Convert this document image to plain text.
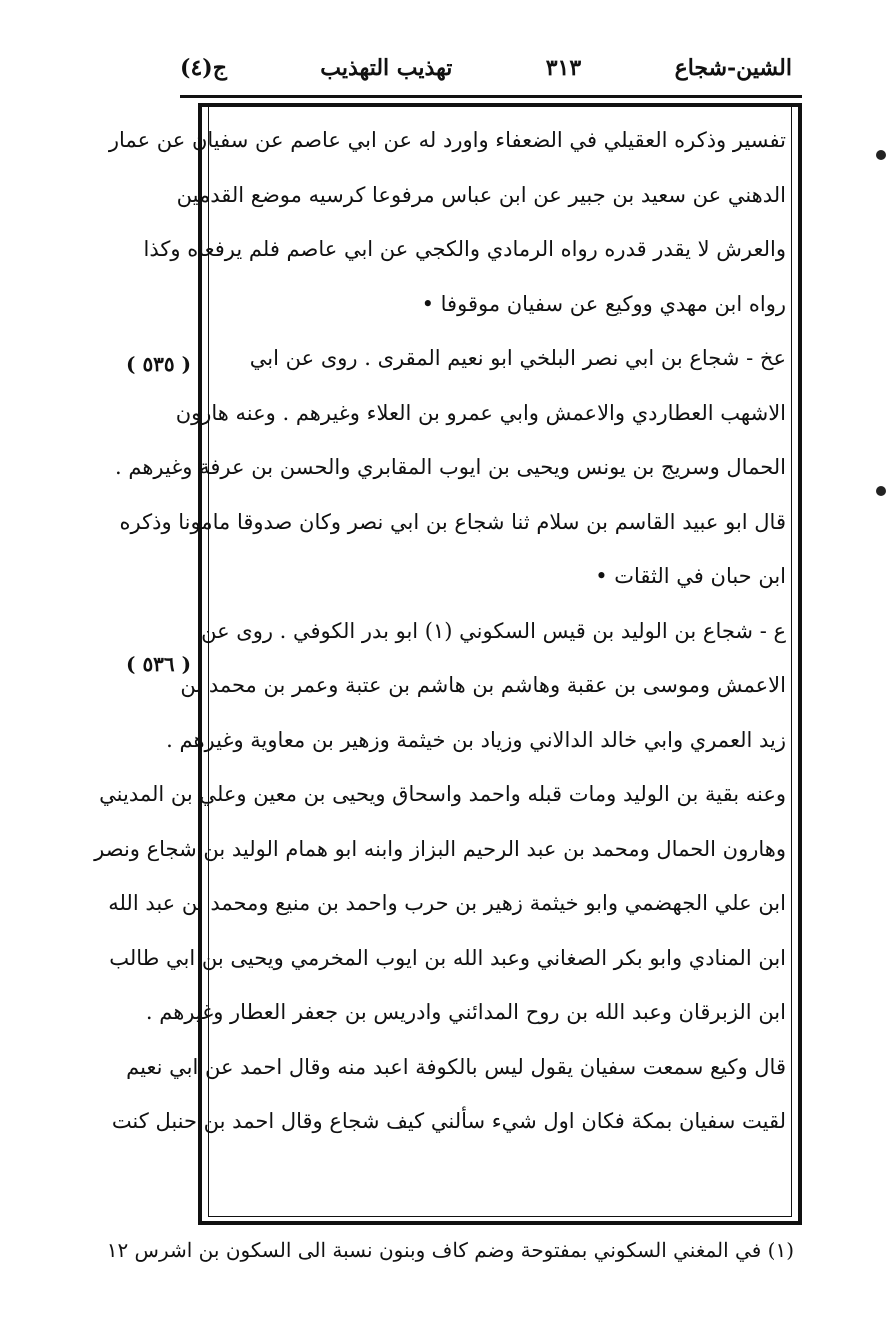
ج(٤)	تهذيب التهذيب	٣١٣	الشين-شجاع
تفسير وذكره العقيلي في الضعفاء واورد له عن ابي عاصم عن سفيان عن عمار
الدهني عن سعيد بن جبير عن ابن عباس مرفوعا كرسيه موضع القدمين
والعرش لا يقدر قدره رواه الرمادي والكجي عن ابي عاصم فلم يرفعاه وكذا
رواه ابن مهدي ووكيع عن سفيان موقوفا •
عخ - شجاع بن ابي نصر البلخي ابو نعيم المقرى . روى عن ابي
الاشهب العطاردي والاعمش وابي عمرو بن العلاء وغيرهم . وعنه هارون
الحمال وسريج بن يونس ويحيى بن ايوب المقابري والحسن بن عرفة وغيرهم .
قال ابو عبيد القاسم بن سلام ثنا شجاع بن ابي نصر وكان صدوقا مامونا وذكره
ابن حبان في الثقات •
ع - شجاع بن الوليد بن قيس السكوني (١) ابو بدر الكوفي . روى عن
الاعمش وموسى بن عقبة وهاشم بن هاشم بن عتبة وعمر بن محمد بن
زيد العمري وابي خالد الدالاني وزياد بن خيثمة وزهير بن معاوية وغيرهم .
وعنه بقية بن الوليد ومات قبله واحمد واسحاق ويحيى بن معين وعلي بن المديني
وهارون الحمال ومحمد بن عبد الرحيم البزاز وابنه ابو همام الوليد بن شجاع ونصر
ابن علي الجهضمي وابو خيثمة زهير بن حرب واحمد بن منيع ومحمد بن عبد الله
ابن المنادي وابو بكر الصغاني وعبد الله بن ايوب المخرمي ويحيى بن ابي طالب
ابن الزبرقان وعبد الله بن روح المدائني وادريس بن جعفر العطار وغيرهم .
قال وكيع سمعت سفيان يقول ليس بالكوفة اعبد منه وقال احمد عن ابي نعيم
لقيت سفيان بمكة فكان اول شيء سألني كيف شجاع وقال احمد بن حنبل كنت
( ٥٣٥ )
( ٥٣٦ )
(١) في المغني السكوني بمفتوحة وضم كاف وبنون نسبة الى السكون بن اشرس ١٢
